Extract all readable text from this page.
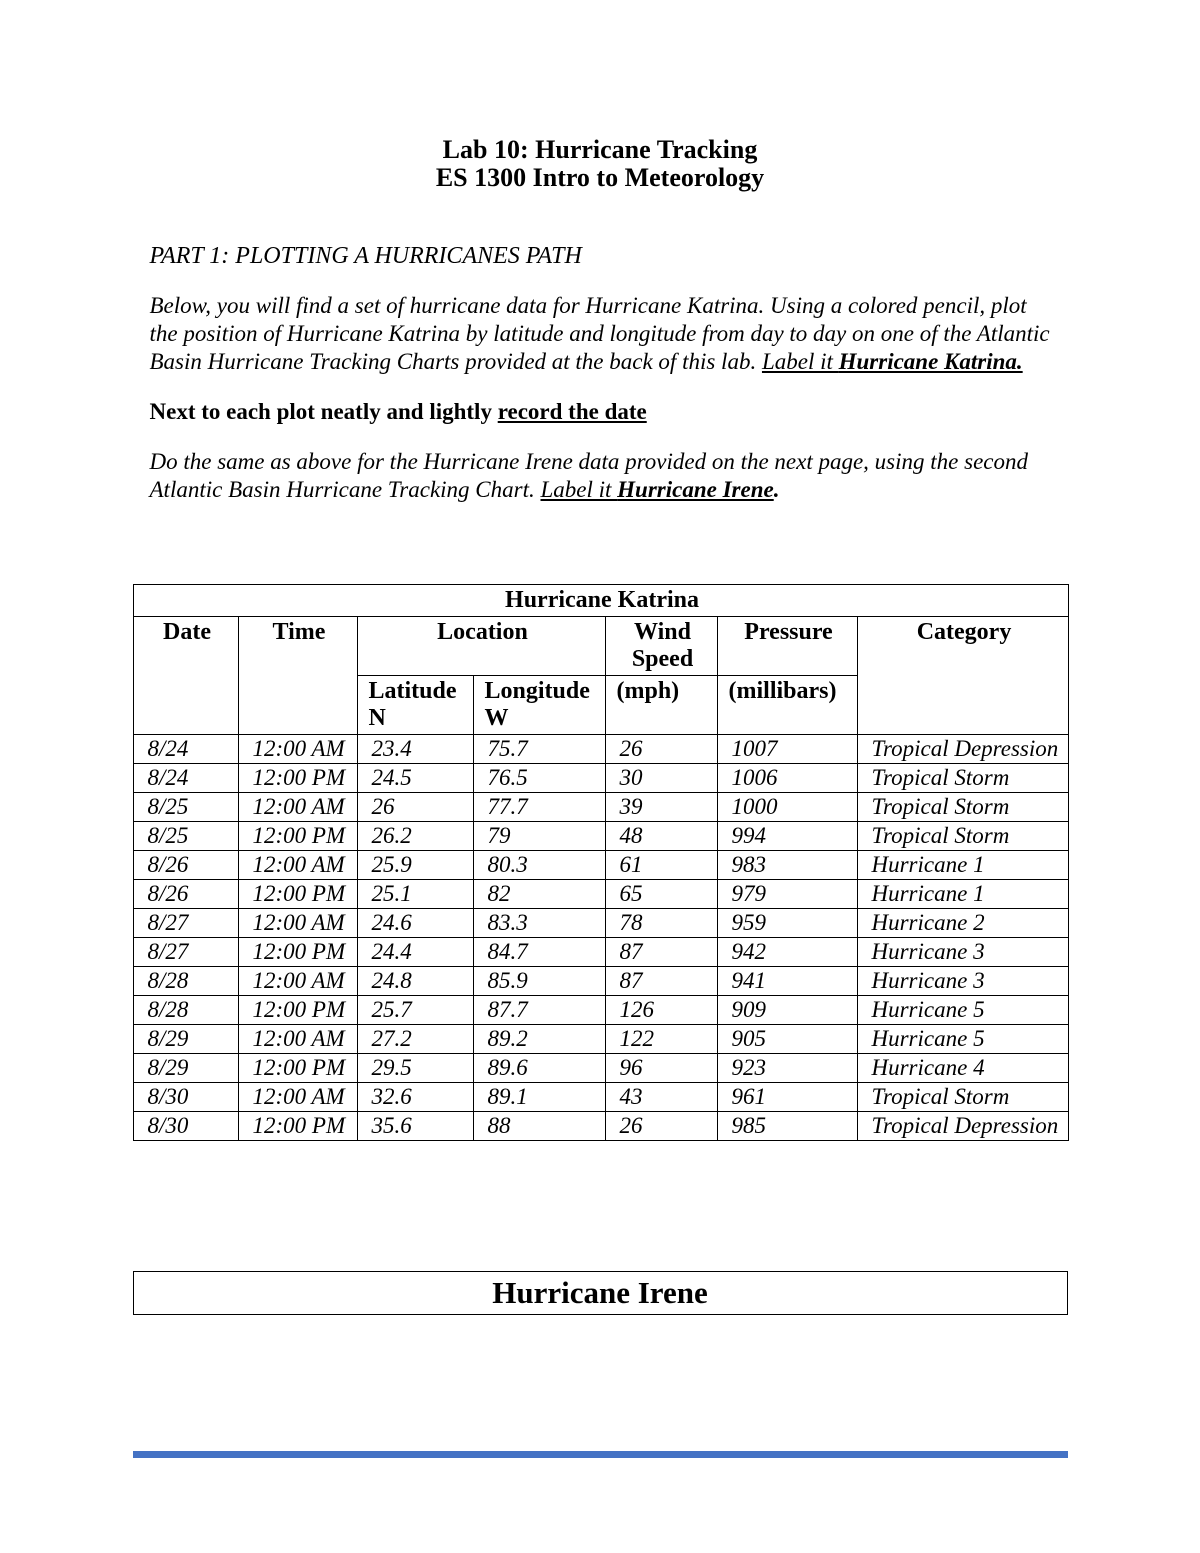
Lab 10: Hurricane Tracking
ES 1300 Intro to Meteorology

PART 1: PLOTTING A HURRICANES PATH

Below, you will find a set of hurricane data for Hurricane Katrina. Using a colored pencil, plot the position of Hurricane Katrina by latitude and longitude from day to day on one of the Atlantic Basin Hurricane Tracking Charts provided at the back of this lab. Label it Hurricane Katrina.

Next to each plot neatly and lightly record the date

Do the same as above for the Hurricane Irene data provided on the next page, using the second Atlantic Basin Hurricane Tracking Chart. Label it Hurricane Irene.

Hurricane Katrina						
Date	Time	Location		Wind Speed	Pressure	Category
		Latitude N	Longitude W	(mph)	(millibars)	
8/24	12:00 AM	23.4	75.7	26	1007	Tropical Depression
8/24	12:00 PM	24.5	76.5	30	1006	Tropical Storm
8/25	12:00 AM	26	77.7	39	1000	Tropical Storm
8/25	12:00 PM	26.2	79	48	994	Tropical Storm
8/26	12:00 AM	25.9	80.3	61	983	Hurricane 1
8/26	12:00 PM	25.1	82	65	979	Hurricane 1
8/27	12:00 AM	24.6	83.3	78	959	Hurricane 2
8/27	12:00 PM	24.4	84.7	87	942	Hurricane 3
8/28	12:00 AM	24.8	85.9	87	941	Hurricane 3
8/28	12:00 PM	25.7	87.7	126	909	Hurricane 5
8/29	12:00 AM	27.2	89.2	122	905	Hurricane 5
8/29	12:00 PM	29.5	89.6	96	923	Hurricane 4
8/30	12:00 AM	32.6	89.1	43	961	Tropical Storm
8/30	12:00 PM	35.6	88	26	985	Tropical Depression
Hurricane Irene
